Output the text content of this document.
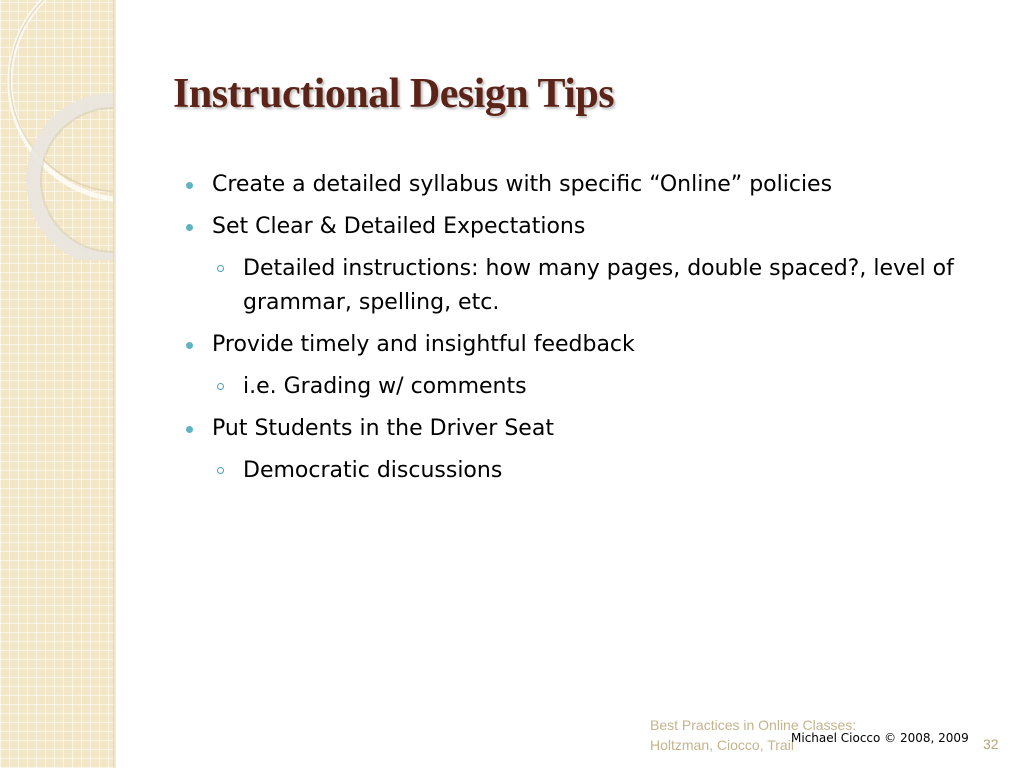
Instructional Design Tips
Create a detailed syllabus with specific “Online” policies
Set Clear & Detailed Expectations
Detailed instructions: how many pages, double spaced?, level of grammar, spelling, etc.
Provide timely and insightful feedback
i.e. Grading w/ comments
Put Students in the Driver Seat
Democratic discussions
Best Practices in Online Classes:
Holtzman, Ciocco, Trail
Michael Ciocco © 2008, 2009 32
